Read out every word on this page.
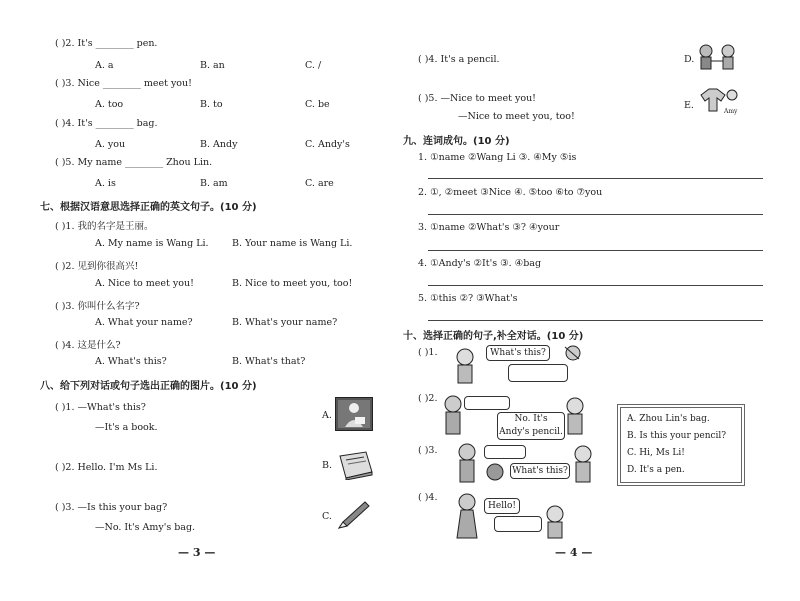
( )2. It's ________ pen.
A. a	B. an	C. /
( )3. Nice ________ meet you!
A. too	B. to	C. be
( )4. It's ________ bag.
A. you	B. Andy	C. Andy's
( )5. My name ________ Zhou Lin.
A. is	B. am	C. are
七、根据汉语意思选择正确的英文句子。(10 分)
( )1. 我的名字是王丽。
A. My name is Wang Li. B. Your name is Wang Li.
( )2. 见到你很高兴!
A. Nice to meet you!	B. Nice to meet you, too!
( )3. 你叫什么名字?
A. What your name?	B. What's your name?
( )4. 这是什么?
A. What's this?	B. What's that?
八、给下列对话或句子选出正确的图片。(10 分)
( )1. —What's this?
—It's a book.
A.
( )2. Hello. I'm Ms Li.	B.
( )3. —Is this your bag?
—No. It's Amy's bag.
C.
— 3 —
( )4. It's a pencil.	D.
( )5. —Nice to meet you!
—Nice to meet you, too!
E.
Amy
九、连词成句。(10 分)
1. ①name ②Wang Li ③. ④My ⑤is
2. ①, ②meet ③Nice ④. ⑤too ⑥to ⑦you
3. ①name ②What's ③? ④your
4. ①Andy's ②It's ③. ④bag
5. ①this ②? ③What's
十、选择正确的句子,补全对话。(10 分)
( )1.	What's this?
( )2.
No. It's Andy's pencil.
( )3.
What's this?
( )4.
Hello!
A. Zhou Lin's bag.
B. Is this your pencil?
C. Hi, Ms Li!
D. It's a pen.
— 4 —
